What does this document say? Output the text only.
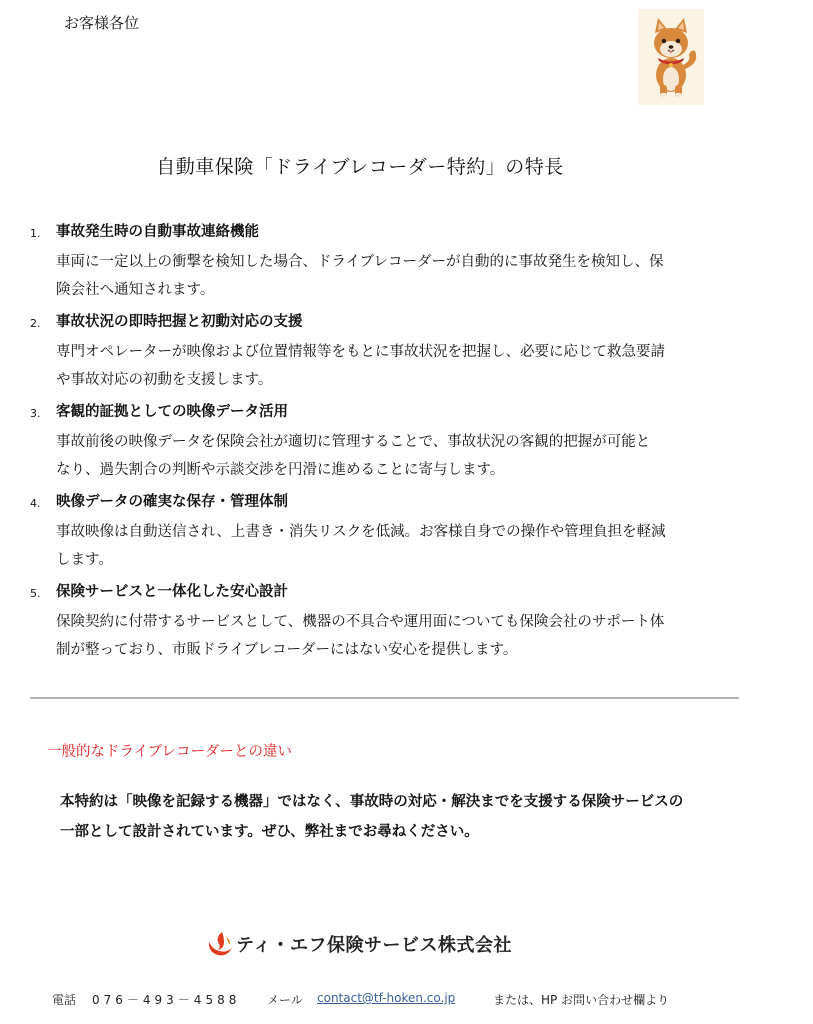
お客様各位
自動車保険「ドライブレコーダー特約」の特長
1.	事故発生時の自動事故連絡機能
車両に一定以上の衝撃を検知した場合、ドライブレコーダーが自動的に事故発生を検知し、保
険会社へ通知されます。
2.	事故状況の即時把握と初動対応の支援
専門オペレーターが映像および位置情報等をもとに事故状況を把握し、必要に応じて救急要請
や事故対応の初動を支援します。
3.	客観的証拠としての映像データ活用
事故前後の映像データを保険会社が適切に管理することで、事故状況の客観的把握が可能と
なり、過失割合の判断や示談交渉を円滑に進めることに寄与します。
4.	映像データの確実な保存・管理体制
事故映像は自動送信され、上書き・消失リスクを低減。お客様自身での操作や管理負担を軽減
します。
5.	保険サービスと一体化した安心設計
保険契約に付帯するサービスとして、機器の不具合や運用面についても保険会社のサポート体
制が整っており、市販ドライブレコーダーにはない安心を提供します。
一般的なドライブレコーダーとの違い
本特約は「映像を記録する機器」ではなく、事故時の対応・解決までを支援する保険サービスの
一部として設計されています。ぜひ、弊社までお尋ねください。
ティ・エフ保険サービス株式会社
電話 076－493－4588 メール contact@tf-hoken.co.jp	または、HP お問い合わせ欄より
